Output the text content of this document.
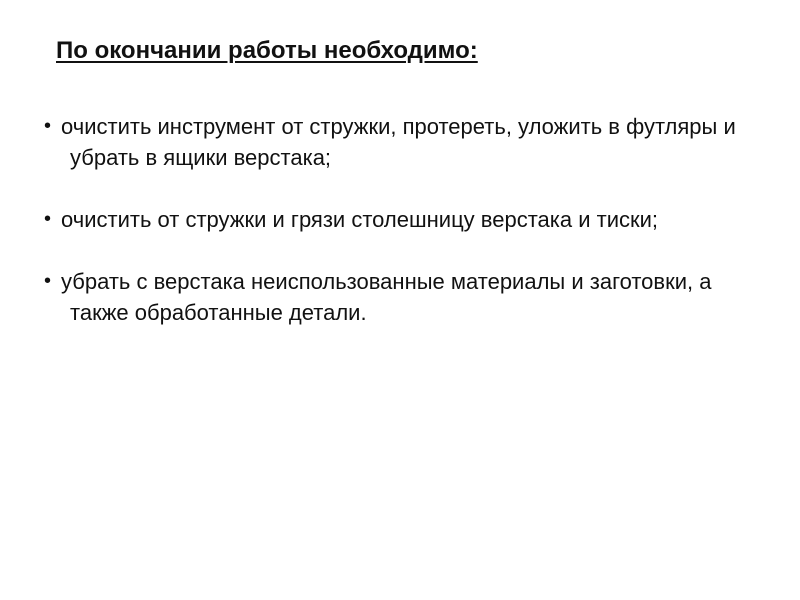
По окончании работы необходимо:
• очистить инструмент от стружки, протереть, уложить в футляры и убрать в ящики верстака;
• очистить от стружки и грязи столешницу верстака и тиски;
• убрать с верстака неиспользованные материалы и заготовки, а также обработанные детали.
